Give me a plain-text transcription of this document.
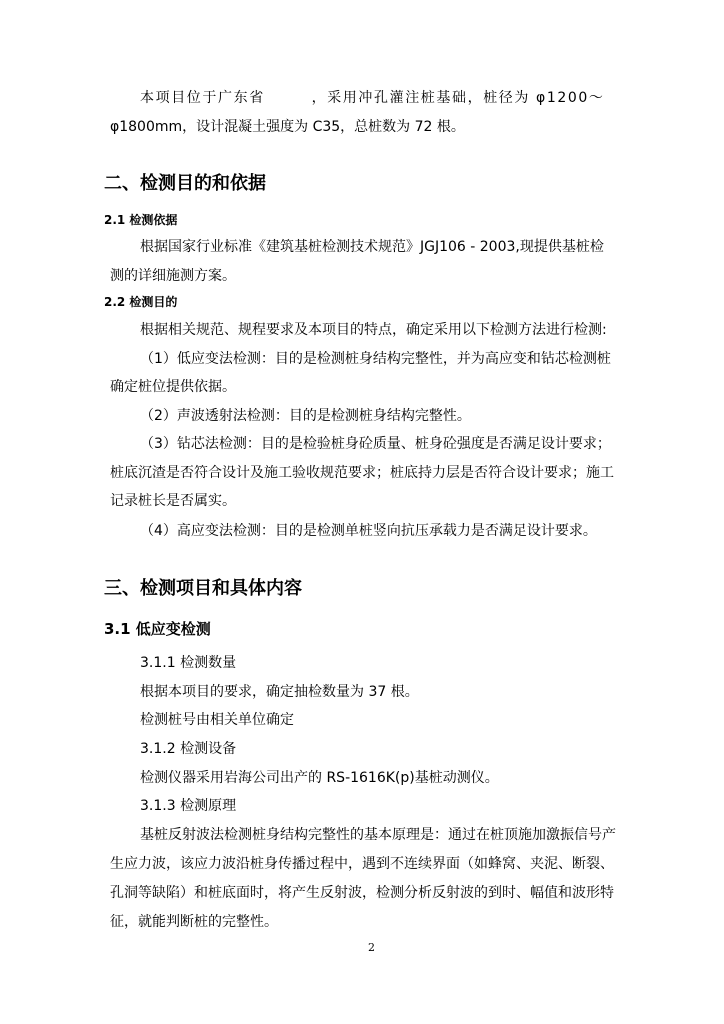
本项目位于广东省　　　，采用冲孔灌注桩基础，桩径为 φ1200～
φ1800mm，设计混凝土强度为 C35，总桩数为 72 根。
二、检测目的和依据
2.1 检测依据
根据国家行业标准《建筑基桩检测技术规范》JGJ106 - 2003,现提供基桩检
测的详细施测方案。
2.2 检测目的
根据相关规范、规程要求及本项目的特点，确定采用以下检测方法进行检测:
（1）低应变法检测：目的是检测桩身结构完整性，并为高应变和钻芯检测桩
确定桩位提供依据。
（2）声波透射法检测：目的是检测桩身结构完整性。
（3）钻芯法检测：目的是检验桩身砼质量、桩身砼强度是否满足设计要求；
桩底沉渣是否符合设计及施工验收规范要求；桩底持力层是否符合设计要求；施工
记录桩长是否属实。
（4）高应变法检测：目的是检测单桩竖向抗压承载力是否满足设计要求。
三、检测项目和具体内容
3.1 低应变检测
3.1.1 检测数量
根据本项目的要求，确定抽检数量为 37 根。
检测桩号由相关单位确定
3.1.2 检测设备
检测仪器采用岩海公司出产的 RS-1616K(p)基桩动测仪。
3.1.3 检测原理
基桩反射波法检测桩身结构完整性的基本原理是：通过在桩顶施加激振信号产
生应力波，该应力波沿桩身传播过程中，遇到不连续界面（如蜂窝、夹泥、断裂、
孔洞等缺陷）和桩底面时，将产生反射波，检测分析反射波的到时、幅值和波形特
征，就能判断桩的完整性。
2
